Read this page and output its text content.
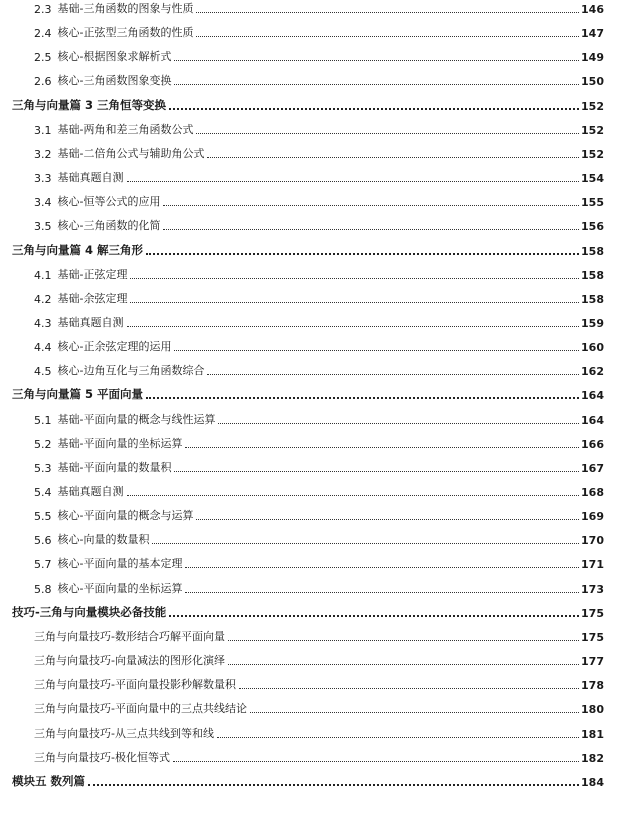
2.3 基础-三角函数的图象与性质	146
2.4 核心-正弦型三角函数的性质	147
2.5 核心-根据图象求解析式	149
2.6 核心-三角函数图象变换	150
三角与向量篇 3 三角恒等变换	152
3.1 基础-两角和差三角函数公式	152
3.2 基础-二倍角公式与辅助角公式	152
3.3 基础真题自测	154
3.4 核心-恒等公式的应用	155
3.5 核心-三角函数的化简	156
三角与向量篇 4 解三角形	158
4.1 基础-正弦定理	158
4.2 基础-余弦定理	158
4.3 基础真题自测	159
4.4 核心-正余弦定理的运用	160
4.5 核心-边角互化与三角函数综合	162
三角与向量篇 5 平面向量	164
5.1 基础-平面向量的概念与线性运算	164
5.2 基础-平面向量的坐标运算	166
5.3 基础-平面向量的数量积	167
5.4 基础真题自测	168
5.5 核心-平面向量的概念与运算	169
5.6 核心-向量的数量积	170
5.7 核心-平面向量的基本定理	171
5.8 核心-平面向量的坐标运算	173
技巧-三角与向量模块必备技能	175
三角与向量技巧-数形结合巧解平面向量	175
三角与向量技巧-向量减法的图形化演绎	177
三角与向量技巧-平面向量投影秒解数量积	178
三角与向量技巧-平面向量中的三点共线结论	180
三角与向量技巧-从三点共线到等和线	181
三角与向量技巧-极化恒等式	182
模块五 数列篇	184
